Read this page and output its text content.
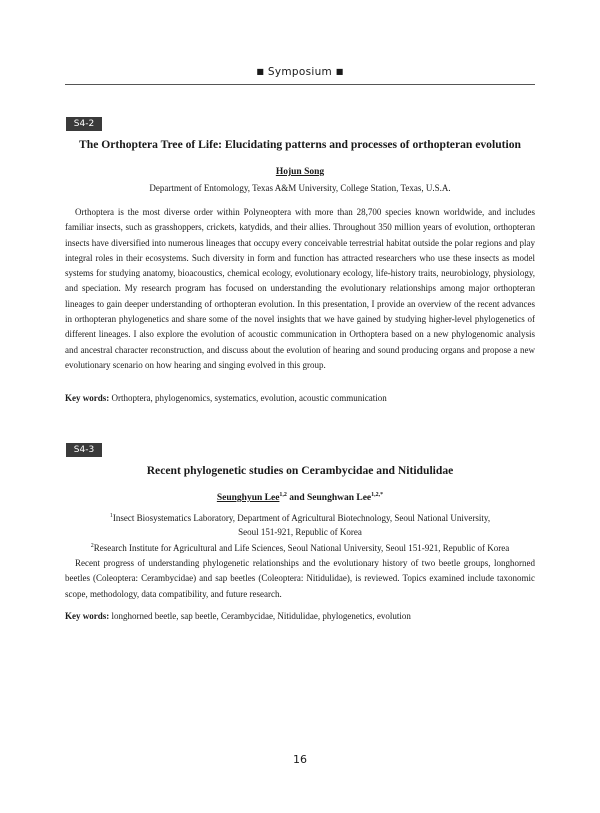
■ Symposium ■
S4-2
The Orthoptera Tree of Life: Elucidating patterns and processes of orthopteran evolution
Hojun Song
Department of Entomology, Texas A&M University, College Station, Texas, U.S.A.

Orthoptera is the most diverse order within Polyneoptera with more than 28,700 species known worldwide, and includes familiar insects, such as grasshoppers, crickets, katydids, and their allies. Throughout 350 million years of evolution, orthopteran insects have diversified into numerous lineages that occupy every conceivable terrestrial habitat outside the polar regions and play integral roles in their ecosystems. Such diversity in form and function has attracted researchers who use these insects as model systems for studying anatomy, bioacoustics, chemical ecology, evolutionary ecology, life-history traits, neurobiology, physiology, and speciation. My research program has focused on understanding the evolutionary relationships among major orthopteran lineages to gain deeper understanding of orthopteran evolution. In this presentation, I provide an overview of the recent advances in orthopteran phylogenetics and share some of the novel insights that we have gained by studying higher-level phylogenetics of different lineages. I also explore the evolution of acoustic communication in Orthoptera based on a new phylogenomic analysis and ancestral character reconstruction, and discuss about the evolution of hearing and sound producing organs and propose a new evolutionary scenario on how hearing and singing evolved in this group.

Key words: Orthoptera, phylogenomics, systematics, evolution, acoustic communication
S4-3
Recent phylogenetic studies on Cerambycidae and Nitidulidae
Seunghyun Lee$^{1,2}$ and Seunghwan Lee$^{1,2,*}$
$^1$Insect Biosystematics Laboratory, Department of Agricultural Biotechnology, Seoul National University,
Seoul 151-921, Republic of Korea
$^2$Research Institute for Agricultural and Life Sciences, Seoul National University, Seoul 151-921, Republic of Korea

Recent progress of understanding phylogenetic relationships and the evolutionary history of two beetle groups, longhorned beetles (Coleoptera: Cerambycidae) and sap beetles (Coleoptera: Nitidulidae), is reviewed. Topics examined include taxonomic scope, methodology, data compatibility, and future research.

Key words: longhorned beetle, sap beetle, Cerambycidae, Nitidulidae, phylogenetics, evolution
16
